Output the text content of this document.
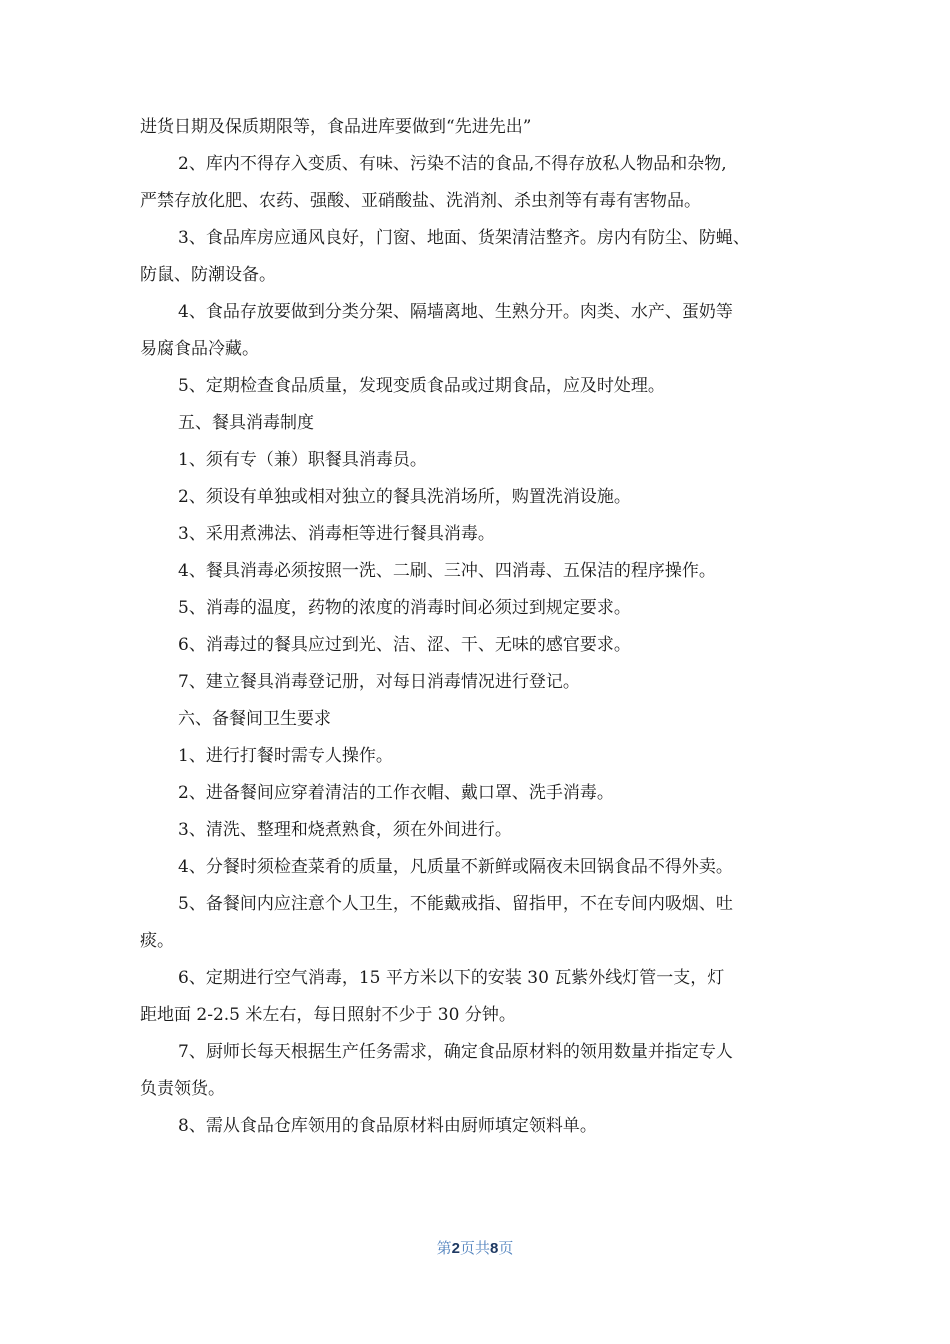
进货日期及保质期限等，食品进库要做到“先进先出”

2、库内不得存入变质、有味、污染不洁的食品,不得存放私人物品和杂物,

严禁存放化肥、农药、强酸、亚硝酸盐、洗消剂、杀虫剂等有毒有害物品。

3、食品库房应通风良好，门窗、地面、货架清洁整齐。房内有防尘、防蝇、

防鼠、防潮设备。

4、食品存放要做到分类分架、隔墙离地、生熟分开。肉类、水产、蛋奶等

易腐食品冷藏。

5、定期检查食品质量，发现变质食品或过期食品，应及时处理。

五、餐具消毒制度

1、须有专（兼）职餐具消毒员。

2、须设有单独或相对独立的餐具洗消场所，购置洗消设施。

3、采用煮沸法、消毒柜等进行餐具消毒。

4、餐具消毒必须按照一洗、二刷、三冲、四消毒、五保洁的程序操作。

5、消毒的温度，药物的浓度的消毒时间必须过到规定要求。

6、消毒过的餐具应过到光、洁、涩、干、无味的感官要求。

7、建立餐具消毒登记册，对每日消毒情况进行登记。

六、备餐间卫生要求

1、进行打餐时需专人操作。

2、进备餐间应穿着清洁的工作衣帽、戴口罩、洗手消毒。

3、清洗、整理和烧煮熟食，须在外间进行。

4、分餐时须检查菜肴的质量，凡质量不新鲜或隔夜未回锅食品不得外卖。

5、备餐间内应注意个人卫生，不能戴戒指、留指甲，不在专间内吸烟、吐

痰。

6、定期进行空气消毒，15 平方米以下的安装 30 瓦紫外线灯管一支，灯

距地面 2-2.5 米左右，每日照射不少于 30 分钟。

7、厨师长每天根据生产任务需求，确定食品原材料的领用数量并指定专人

负责领货。

8、需从食品仓库领用的食品原材料由厨师填定领料单。

第2页共8页
